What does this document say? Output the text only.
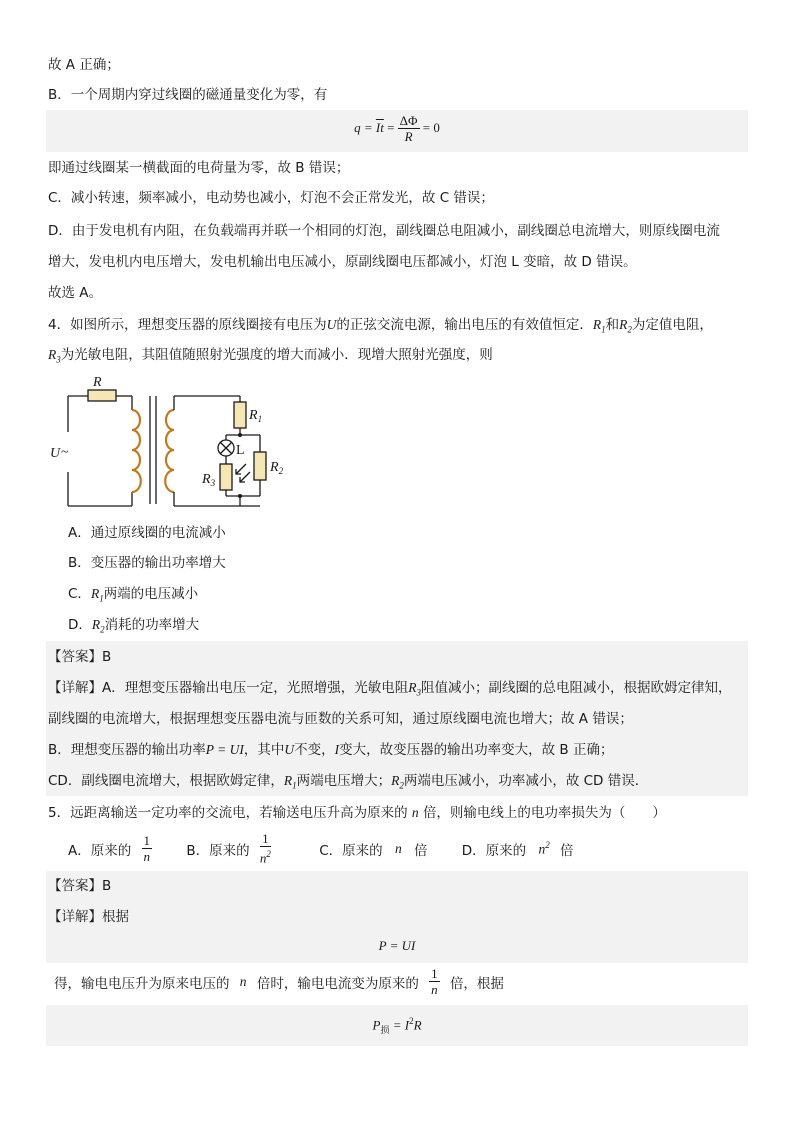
故 A 正确；
B．一个周期内穿过线圈的磁通量变化为零，有
$q = \overline{It} = \frac{\Delta\Phi}{R} = 0$
即通过线圈某一横截面的电荷量为零，故 B 错误；
C．减小转速，频率减小，电动势也减小，灯泡不会正常发光，故 C 错误；
D．由于发电机有内阻，在负载端再并联一个相同的灯泡，副线圈总电阻减小，副线圈总电流增大，则原线圈电流
增大，发电机内电压增大，发电机输出电压减小，原副线圈电压都减小，灯泡 L 变暗，故 D 错误。
故选 A。
4．如图所示，理想变压器的原线圈接有电压为U的正弦交流电源，输出电压的有效值恒定．$R_1$和$R_2$为定值电阻，
$R_3$为光敏电阻，其阻值随照射光强度的增大而减小．现增大照射光强度，则
R
U ~
$R_1$
$R_2$
$R_3$
L
A．通过原线圈的电流减小
B．变压器的输出功率增大
C．$R_1$两端的电压减小
D．$R_2$消耗的功率增大
【答案】B
【详解】A．理想变压器输出电压一定，光照增强，光敏电阻$R_3$阻值减小；副线圈的总电阻减小，根据欧姆定律知，
副线圈的电流增大，根据理想变压器电流与匝数的关系可知，通过原线圈电流也增大；故 A 错误；
B．理想变压器的输出功率P = UI，其中U不变，I变大，故变压器的输出功率变大，故 B 正确；
CD．副线圈电流增大，根据欧姆定律，$R_1$两端电压增大；$R_2$两端电压减小，功率减小，故 CD 错误．
5．远距离输送一定功率的交流电，若输送电压升高为原来的 n 倍，则输电线上的电功率损失为（　　）
A．原来的 $\frac{1}{n}$	B．原来的 $\frac{1}{n^2}$	C．原来的 n 倍	D．原来的 $n^2$ 倍
【答案】B
【详解】根据
P = UI
得，输电电压升为原来电压的 n 倍时，输电电流变为原来的 $\frac{1}{n}$ 倍，根据
$P_损 = I^2R$
